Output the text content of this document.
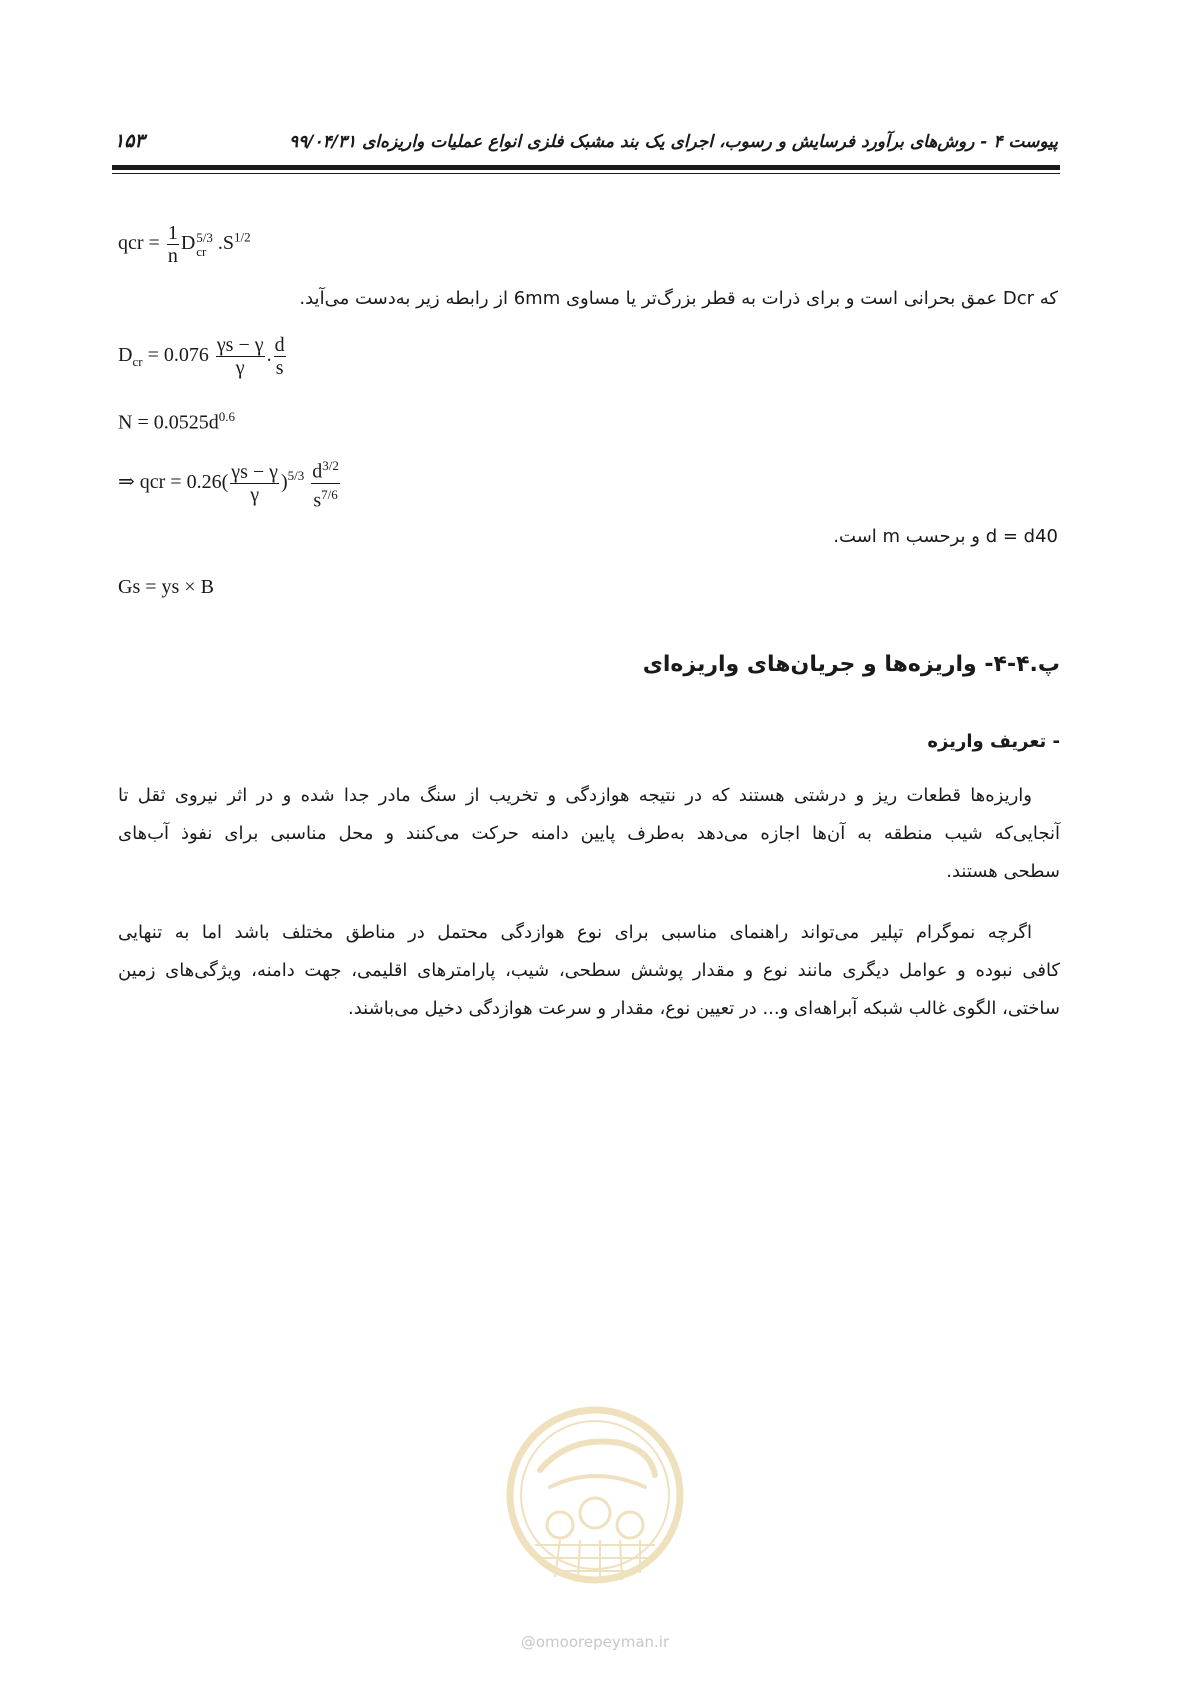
پیوست ۴ - روش‌های برآورد فرسایش و رسوب، اجرای یک بند مشبک فلزی انواع عملیات واریزه‌ای ۹۹/۰۴/۳۱
۱۵۳
qcr = $\frac{1}{n}$ D 5/3
cr $.S^{1/2}$
که Dcr عمق بحرانی است و برای ذرات به قطر بزرگ‌تر یا مساوی 6mm از رابطه زیر به‌دست می‌آید.
$D_{cr} = 0.076 \frac{\gamma s - \gamma}{\gamma}$ . $\frac{d}{s}$
$N = 0.0525d^{0.6}$
⇒ qcr = $0.26( \frac{\gamma s - \gamma}{\gamma} )^{5/3} \frac{d^{3/2}}{s^{7/6}}$
d = d40 و برحسب m است.
Gs = ys × B
پ.۴-۴- واریزه‌ها و جریان‌های واریزه‌ای
- تعریف واریزه
واریزه‌ها قطعات ریز و درشتی هستند که در نتیجه هوازدگی و تخریب از سنگ مادر جدا شده و در اثر نیروی ثقل تا
آنجایی‌که شیب منطقه به آن‌ها اجازه می‌دهد به‌طرف پایین دامنه حرکت می‌کنند و محل مناسبی برای نفوذ آب‌های
سطحی هستند.
اگرچه نموگرام تپلیر می‌تواند راهنمای مناسبی برای نوع هوازدگی محتمل در مناطق مختلف باشد اما به تنهایی
کافی نبوده و عوامل دیگری مانند نوع و مقدار پوشش سطحی، شیب، پارامترهای اقلیمی، جهت دامنه، ویژگی‌های زمین
ساختی، الگوی غالب شبکه آبراهه‌ای و... در تعیین نوع، مقدار و سرعت هوازدگی دخیل می‌باشند.
@omoorepeyman.ir
